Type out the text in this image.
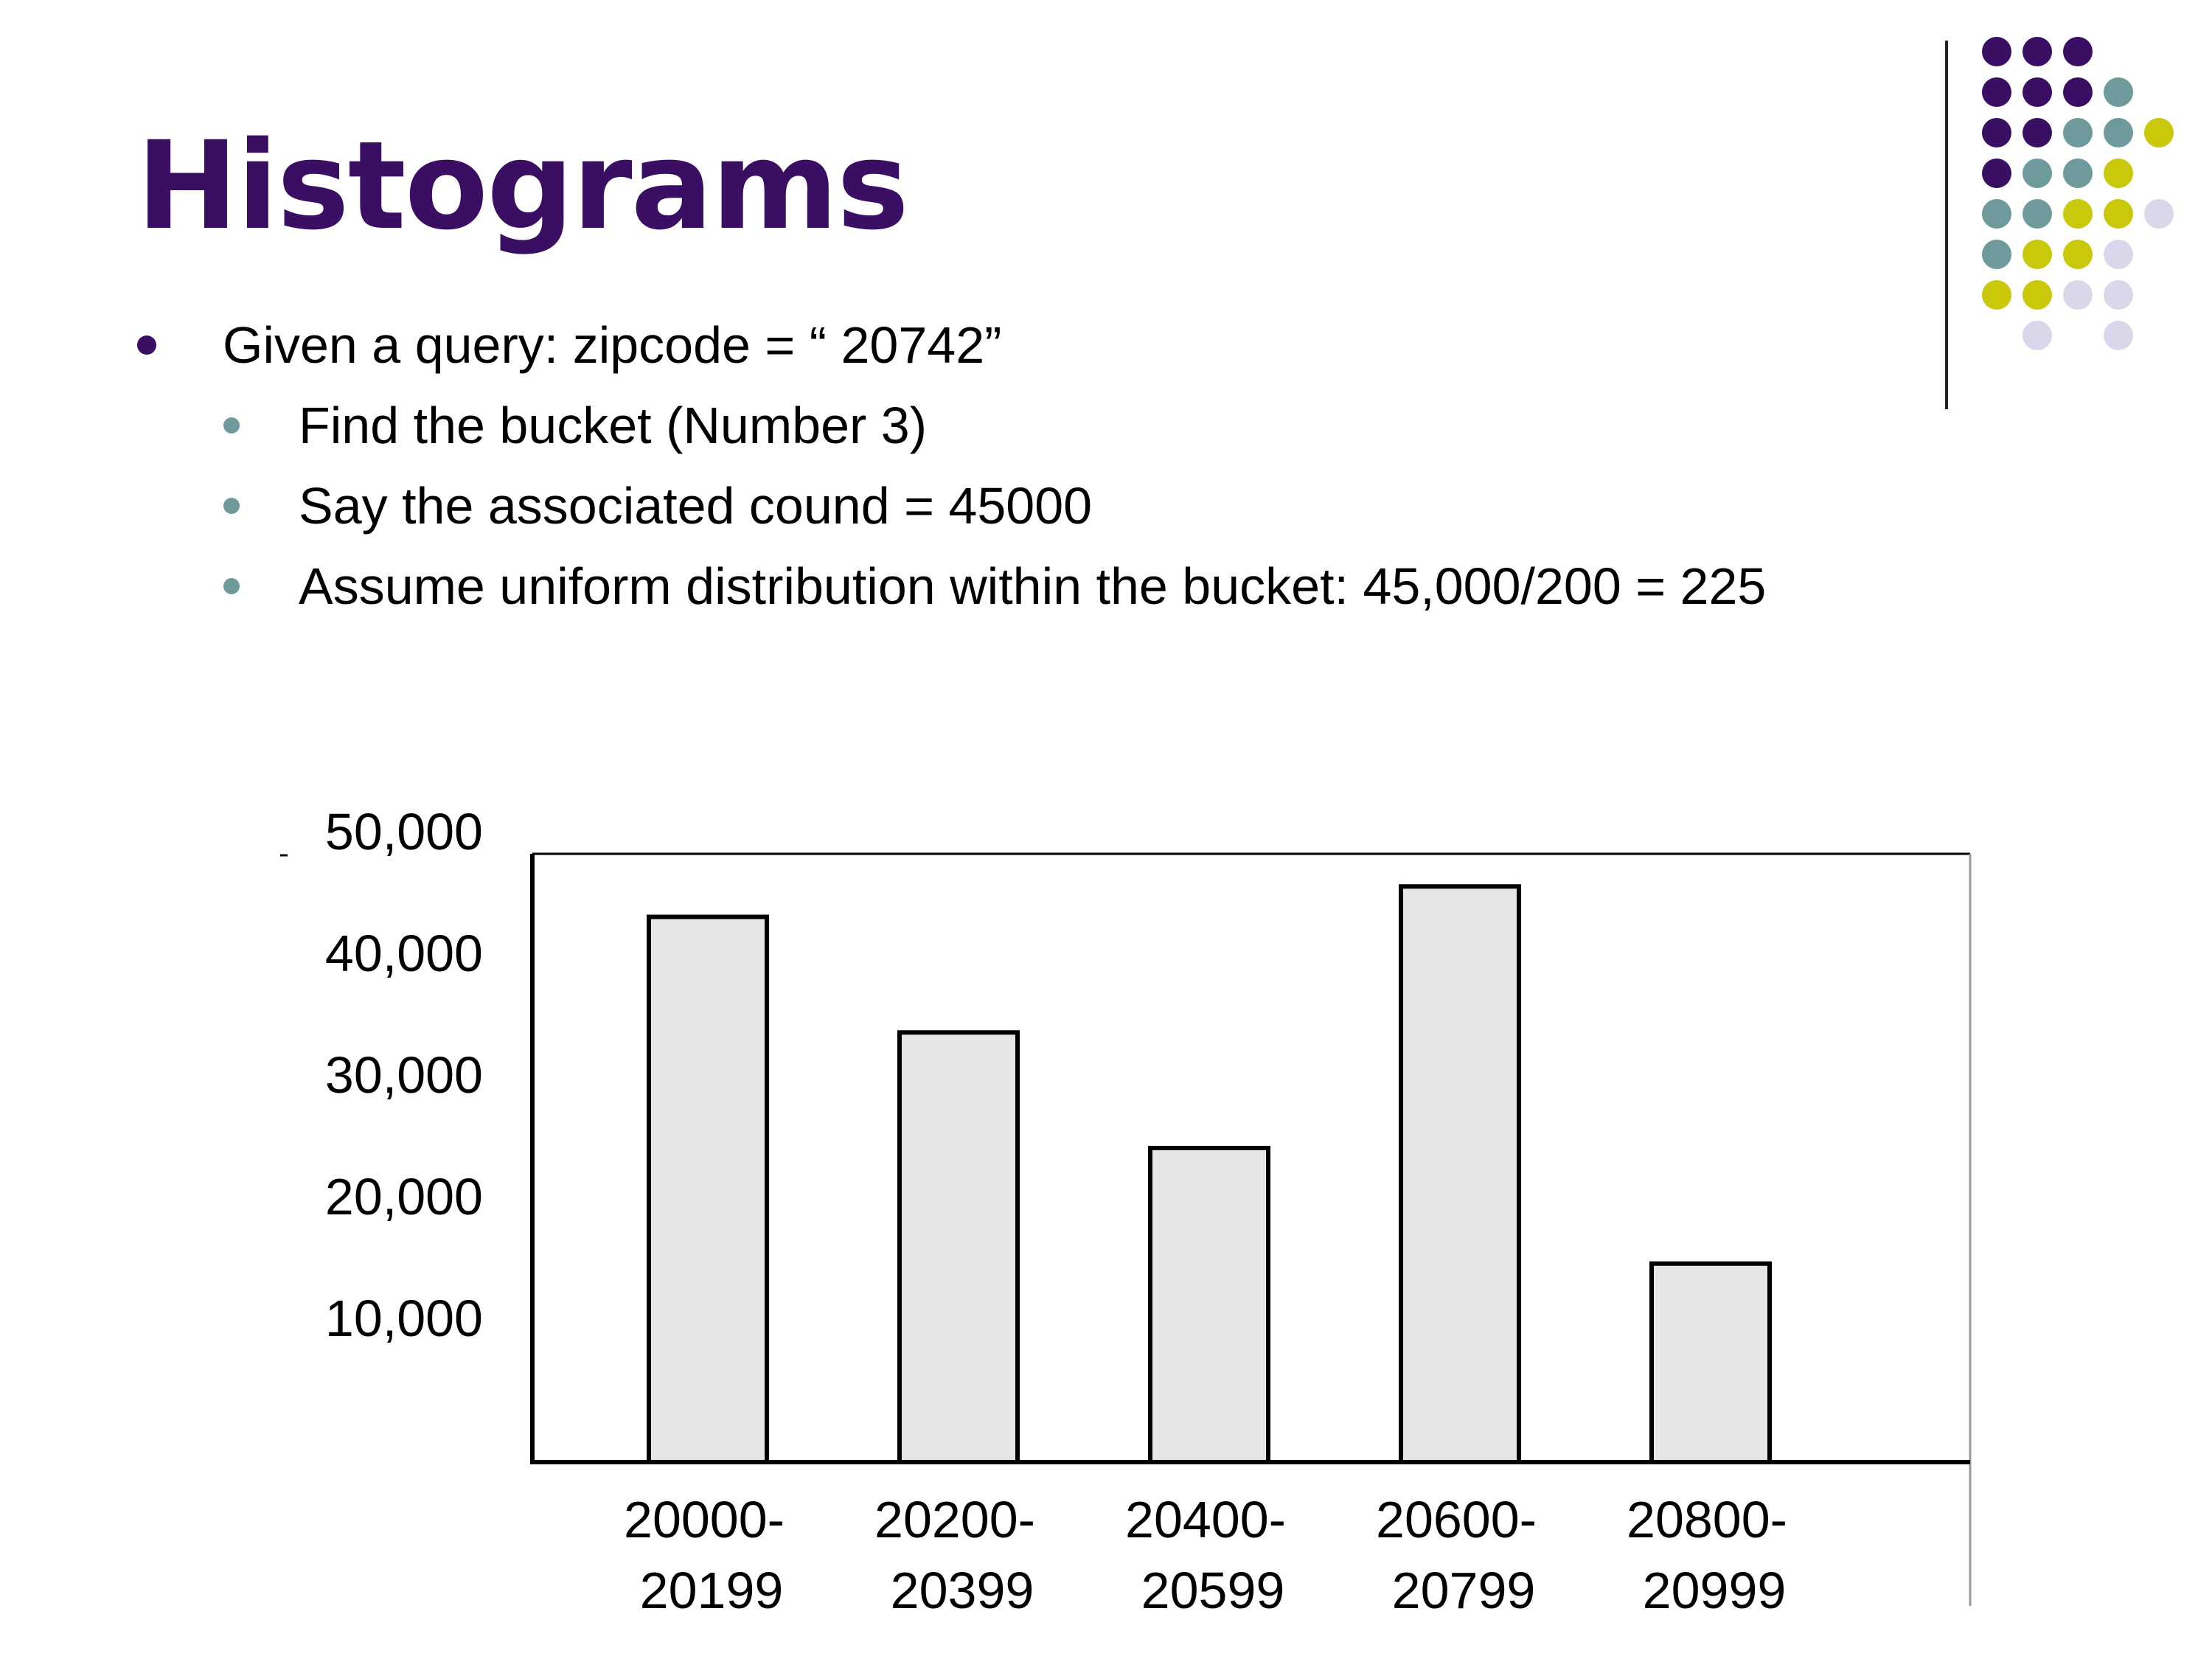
Histograms
Given a query: zipcode = “ 20742”
Find the bucket (Number 3)
Say the associated cound = 45000
Assume uniform distribution within the bucket: 45,000/200 = 225
10,000
20,000
30,000
40,000
50,000
20000-
20199
20200-
20399
20400-
20599
20600-
20799
20800-
20999
